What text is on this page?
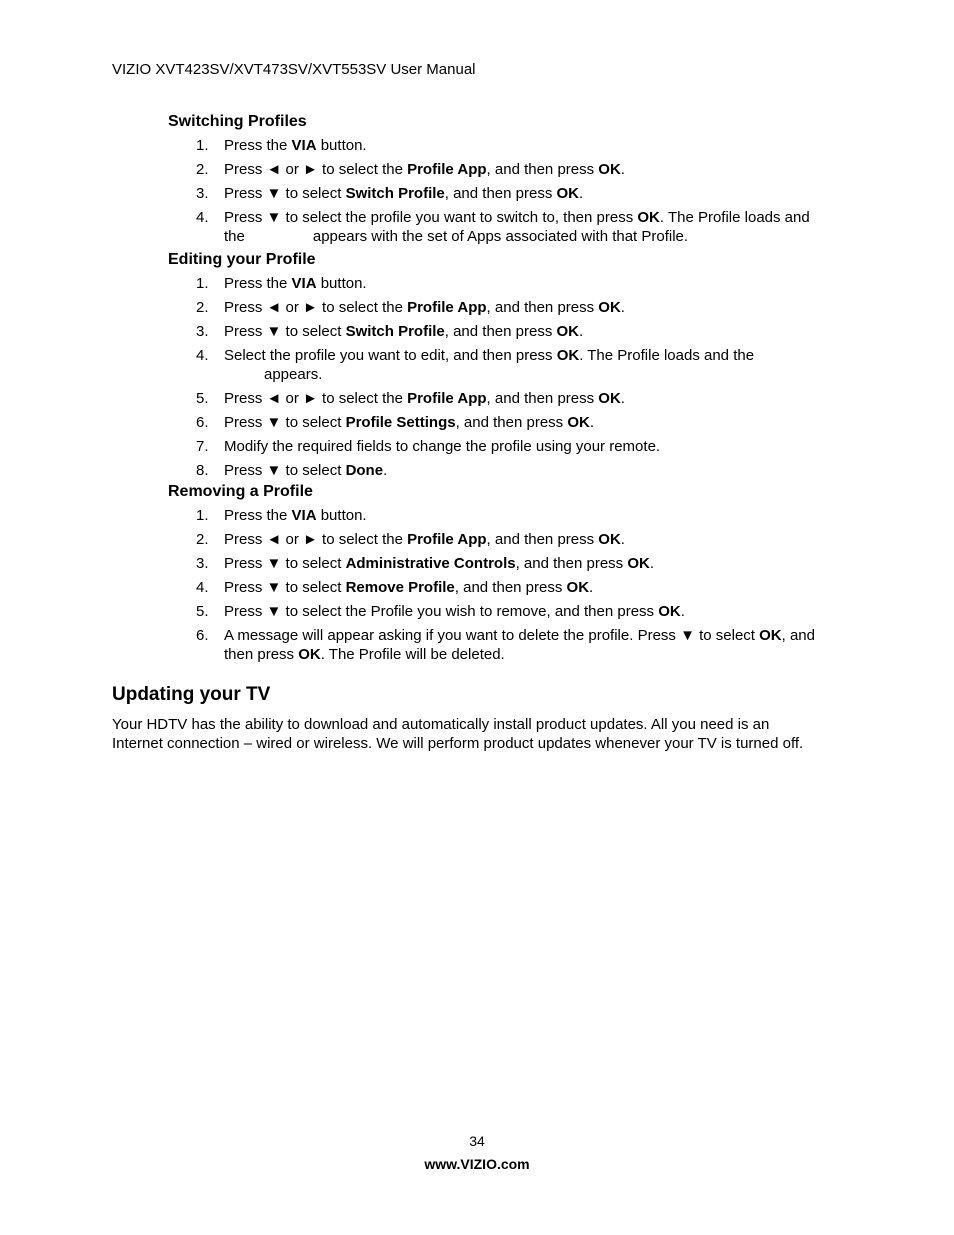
VIZIO XVT423SV/XVT473SV/XVT553SV User Manual
Switching Profiles
1. Press the VIA button.
2. Press ◄ or ► to select the Profile App, and then press OK.
3. Press ▼ to select Switch Profile, and then press OK.
4. Press ▼ to select the profile you want to switch to, then press OK. The Profile loads and
the	appears with the set of Apps associated with that Profile.
Editing your Profile
1. Press the VIA button.
2. Press ◄ or ► to select the Profile App, and then press OK.
3. Press ▼ to select Switch Profile, and then press OK.
4. Select the profile you want to edit, and then press OK. The Profile loads and the
appears.
5. Press ◄ or ► to select the Profile App, and then press OK.
6. Press ▼ to select Profile Settings, and then press OK.
7. Modify the required fields to change the profile using your remote.
8. Press ▼ to select Done.
Removing a Profile
1. Press the VIA button.
2. Press ◄ or ► to select the Profile App, and then press OK.
3. Press ▼ to select Administrative Controls, and then press OK.
4. Press ▼ to select Remove Profile, and then press OK.
5. Press ▼ to select the Profile you wish to remove, and then press OK.
6. A message will appear asking if you want to delete the profile. Press ▼ to select OK, and
then press OK. The Profile will be deleted.
Updating your TV
Your HDTV has the ability to download and automatically install product updates. All you need is an
Internet connection – wired or wireless. We will perform product updates whenever your TV is turned off.
34
www.VIZIO.com
